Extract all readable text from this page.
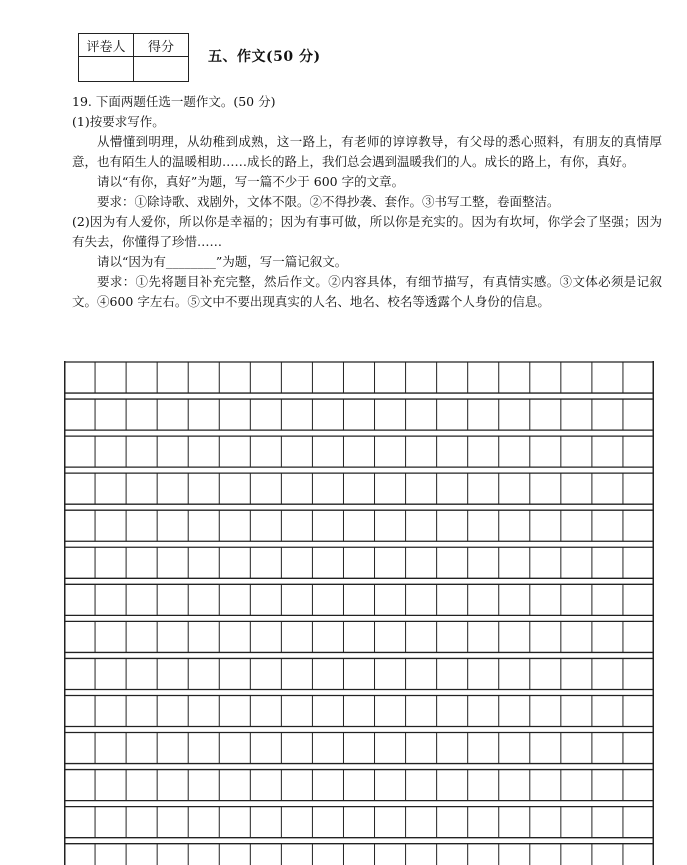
评卷人	得分

五、作文(50 分)

19. 下面两题任选一题作文。(50 分)

(1)按要求写作。

从懵懂到明理，从幼稚到成熟，这一路上，有老师的谆谆教导，有父母的悉心照料，有朋友的真情厚意，也有陌生人的温暖相助……成长的路上，我们总会遇到温暖我们的人。成长的路上，有你，真好。

请以“有你，真好”为题，写一篇不少于 600 字的文章。

要求：①除诗歌、戏剧外，文体不限。②不得抄袭、套作。③书写工整，卷面整洁。

(2)因为有人爱你，所以你是幸福的；因为有事可做，所以你是充实的。因为有坎坷，你学会了坚强；因为有失去，你懂得了珍惜……

请以“因为有________”为题，写一篇记叙文。

要求：①先将题目补充完整，然后作文。②内容具体，有细节描写，有真情实感。③文体必须是记叙文。④600 字左右。⑤文中不要出现真实的人名、地名、校名等透露个人身份的信息。
